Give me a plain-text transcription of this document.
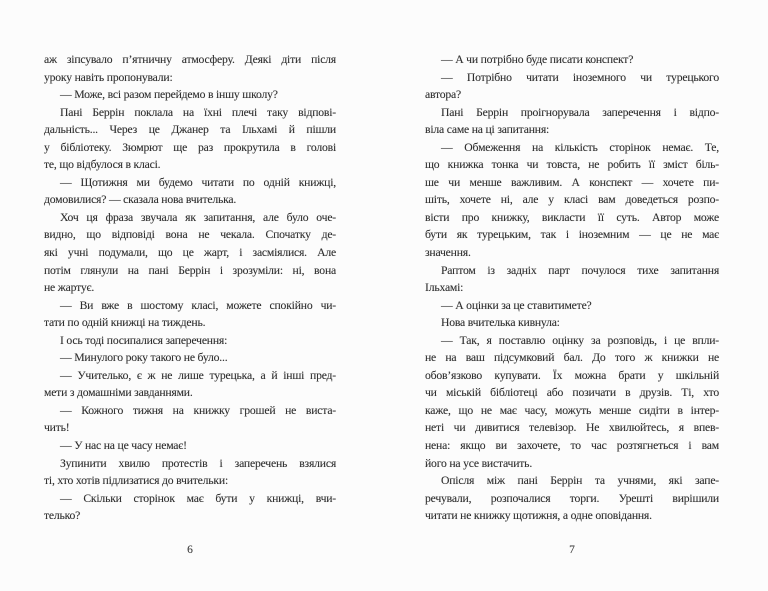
аж зіпсувало п’ятничну атмосферу. Деякі діти після
уроку навіть пропонували:
— Може, всі разом перейдемо в іншу школу?
Пані Беррін поклала на їхні плечі таку відпові-
дальність... Через це Джанер та Ільхамі й пішли
у бібліотеку. Зюмрют ще раз прокрутила в голові
те, що відбулося в класі.
— Щотижня ми будемо читати по одній книжці,
домовилися? — сказала нова вчителька.
Хоч ця фраза звучала як запитання, але було оче-
видно, що відповіді вона не чекала. Спочатку де-
які учні подумали, що це жарт, і засміялися. Але
потім глянули на пані Беррін і зрозуміли: ні, вона
не жартує.
— Ви вже в шостому класі, можете спокійно чи-
тати по одній книжці на тиждень.
І ось тоді посипалися заперечення:
— Минулого року такого не було...
— Учителько, є ж не лише турецька, а й інші пред-
мети з домашніми завданнями.
— Кожного тижня на книжку грошей не виста-
чить!
— У нас на це часу немає!
Зупинити хвилю протестів і заперечень взялися
ті, хто хотів підлизатися до вчительки:
— Скільки сторінок має бути у книжці, вчи-
телько?
6
— А чи потрібно буде писати конспект?
— Потрібно читати іноземного чи турецького
автора?
Пані Беррін проігнорувала заперечення і відпо-
віла саме на ці запитання:
— Обмеження на кількість сторінок немає. Те,
що книжка тонка чи товста, не робить її зміст біль-
ше чи менше важливим. А конспект — хочете пи-
шіть, хочете ні, але у класі вам доведеться розпо-
вісти про книжку, викласти її суть. Автор може
бути як турецьким, так і іноземним — це не має
значення.
Раптом із задніх парт почулося тихе запитання
Ільхамі:
— А оцінки за це ставитимете?
Нова вчителька кивнула:
— Так, я поставлю оцінку за розповідь, і це впли-
не на ваш підсумковий бал. До того ж книжки не
обов’язково купувати. Їх можна брати у шкільній
чи міській бібліотеці або позичати в друзів. Ті, хто
каже, що не має часу, можуть менше сидіти в інтер-
неті чи дивитися телевізор. Не хвилюйтесь, я впев-
нена: якщо ви захочете, то час розтягнеться і вам
його на усе вистачить.
Опісля між пані Беррін та учнями, які запе-
речували, розпочалися торги. Урешті вирішили
читати не книжку щотижня, а одне оповідання.
7
